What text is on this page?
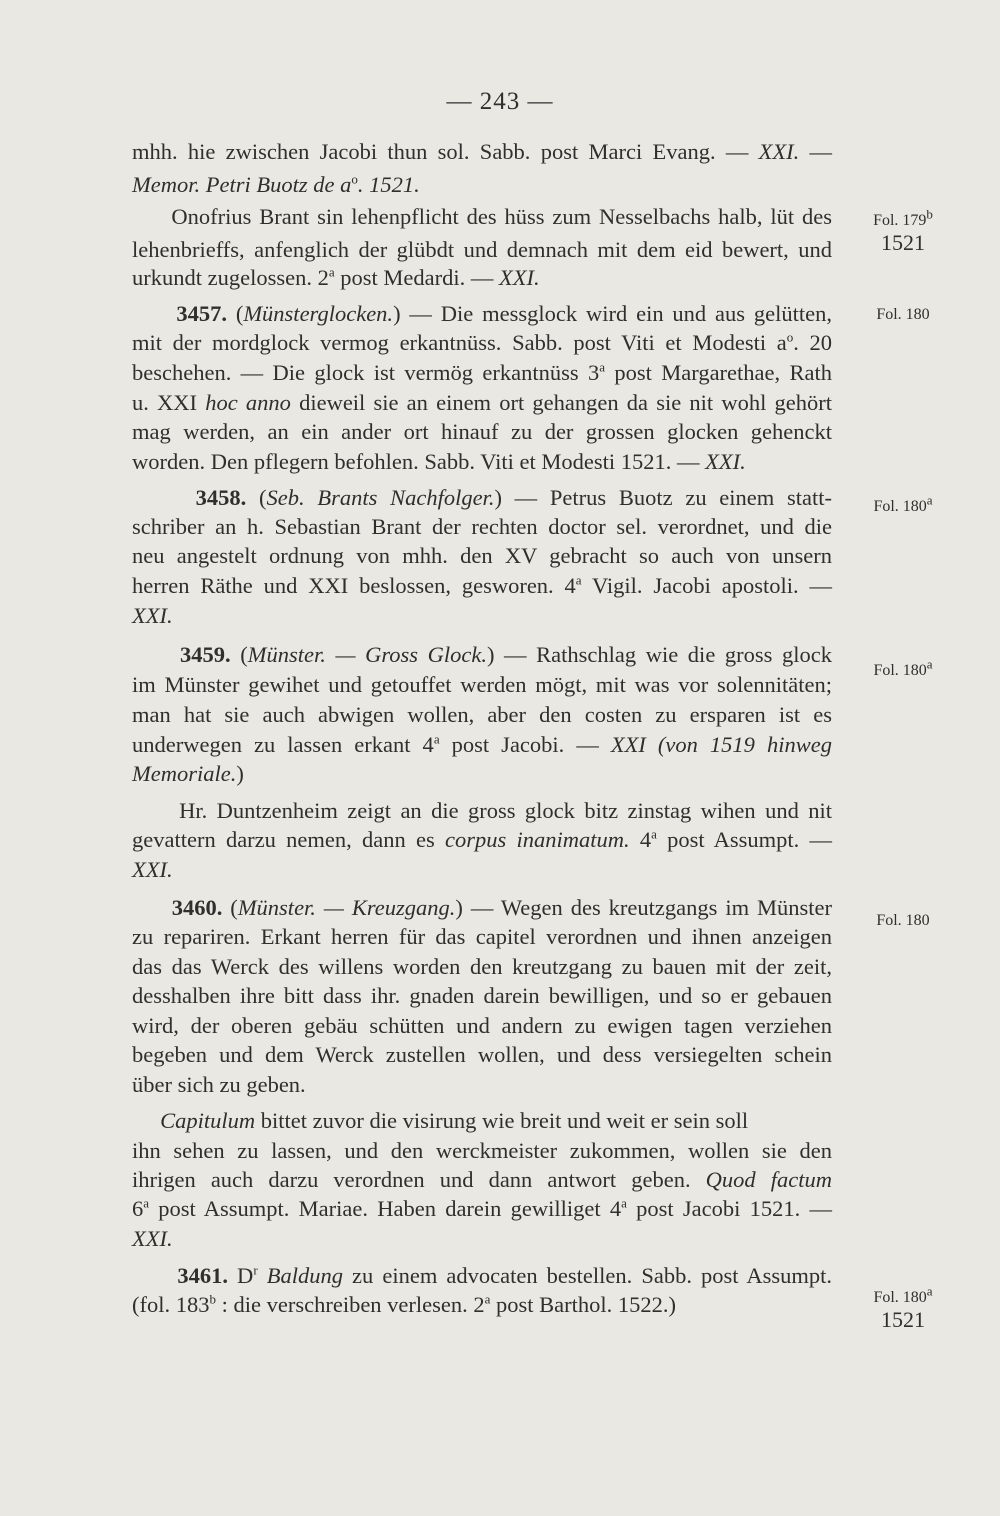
— 243 —
mhh. hie zwischen Jacobi thun sol. Sabb. post Marci Evang. — XXI. —
Memor. Petri Buotz de $a^o$. 1521.
Onofrius Brant sin lehenpflicht des hüss zum Nesselbachs halb, lüt des
lehenbrieffs, anfenglich der glübdt und demnach mit dem eid bewert, und
urkundt zugelossen. 2$^a$ post Medardi. — XXI.
3457. (Münsterglocken.) — Die messglock wird ein und aus gelütten,
mit der mordglock vermog erkantnüss. Sabb. post Viti et Modesti $a^o$. 20
beschehen. — Die glock ist vermög erkantnüss 3$^a$ post Margarethae, Rath
u. XXI hoc anno dieweil sie an einem ort gehangen da sie nit wohl gehört
mag werden, an ein ander ort hinauf zu der grossen glocken gehenckt
worden. Den pflegern befohlen. Sabb. Viti et Modesti 1521. — XXI.
3458. (Seb. Brants Nachfolger.) — Petrus Buotz zu einem statt-
schriber an h. Sebastian Brant der rechten doctor sel. verordnet, und die
neu angestelt ordnung von mhh. den XV gebracht so auch von unsern
herren Räthe und XXI beslossen, gesworen. 4$^a$ Vigil. Jacobi apostoli. —
XXI.
3459. (Münster. — Gross Glock.) — Rathschlag wie die gross glock
im Münster gewihet und getouffet werden mögt, mit was vor solennitäten;
man hat sie auch abwigen wollen, aber den costen zu ersparen ist es
underwegen zu lassen erkant 4$^a$ post Jacobi. — XXI (von 1519 hinweg
Memoriale.)
Hr. Duntzenheim zeigt an die gross glock bitz zinstag wihen und nit
gevattern darzu nemen, dann es corpus inanimatum. 4$^a$ post Assumpt. —
XXI.
3460. (Münster. — Kreuzgang.) — Wegen des kreutzgangs im Münster
zu repariren. Erkant herren für das capitel verordnen und ihnen anzeigen
das das Werck des willens worden den kreutzgang zu bauen mit der zeit,
desshalben ihre bitt dass ihr. gnaden darein bewilligen, und so er gebauen
wird, der oberen gebäu schütten und andern zu ewigen tagen verziehen
begeben und dem Werck zustellen wollen, und dess versiegelten schein
über sich zu geben.
Capitulum bittet zuvor die visirung wie breit und weit er sein soll
ihn sehen zu lassen, und den werckmeister zukommen, wollen sie den
ihrigen auch darzu verordnen und dann antwort geben. Quod factum
6$^a$ post Assumpt. Mariae. Haben darein gewilliget 4$^a$ post Jacobi 1521. —
XXI.
3461. $D^r$ Baldung zu einem advocaten bestellen. Sabb. post Assumpt.
(fol. 183$^b$ : die verschreiben verlesen. 2$^a$ post Barthol. 1522.)
Fol. 179$^b$
1521
Fol. 180
Fol. 180$^a$
Fol. 180$^a$
Fol. 180
Fol. 180$^a$
1521
